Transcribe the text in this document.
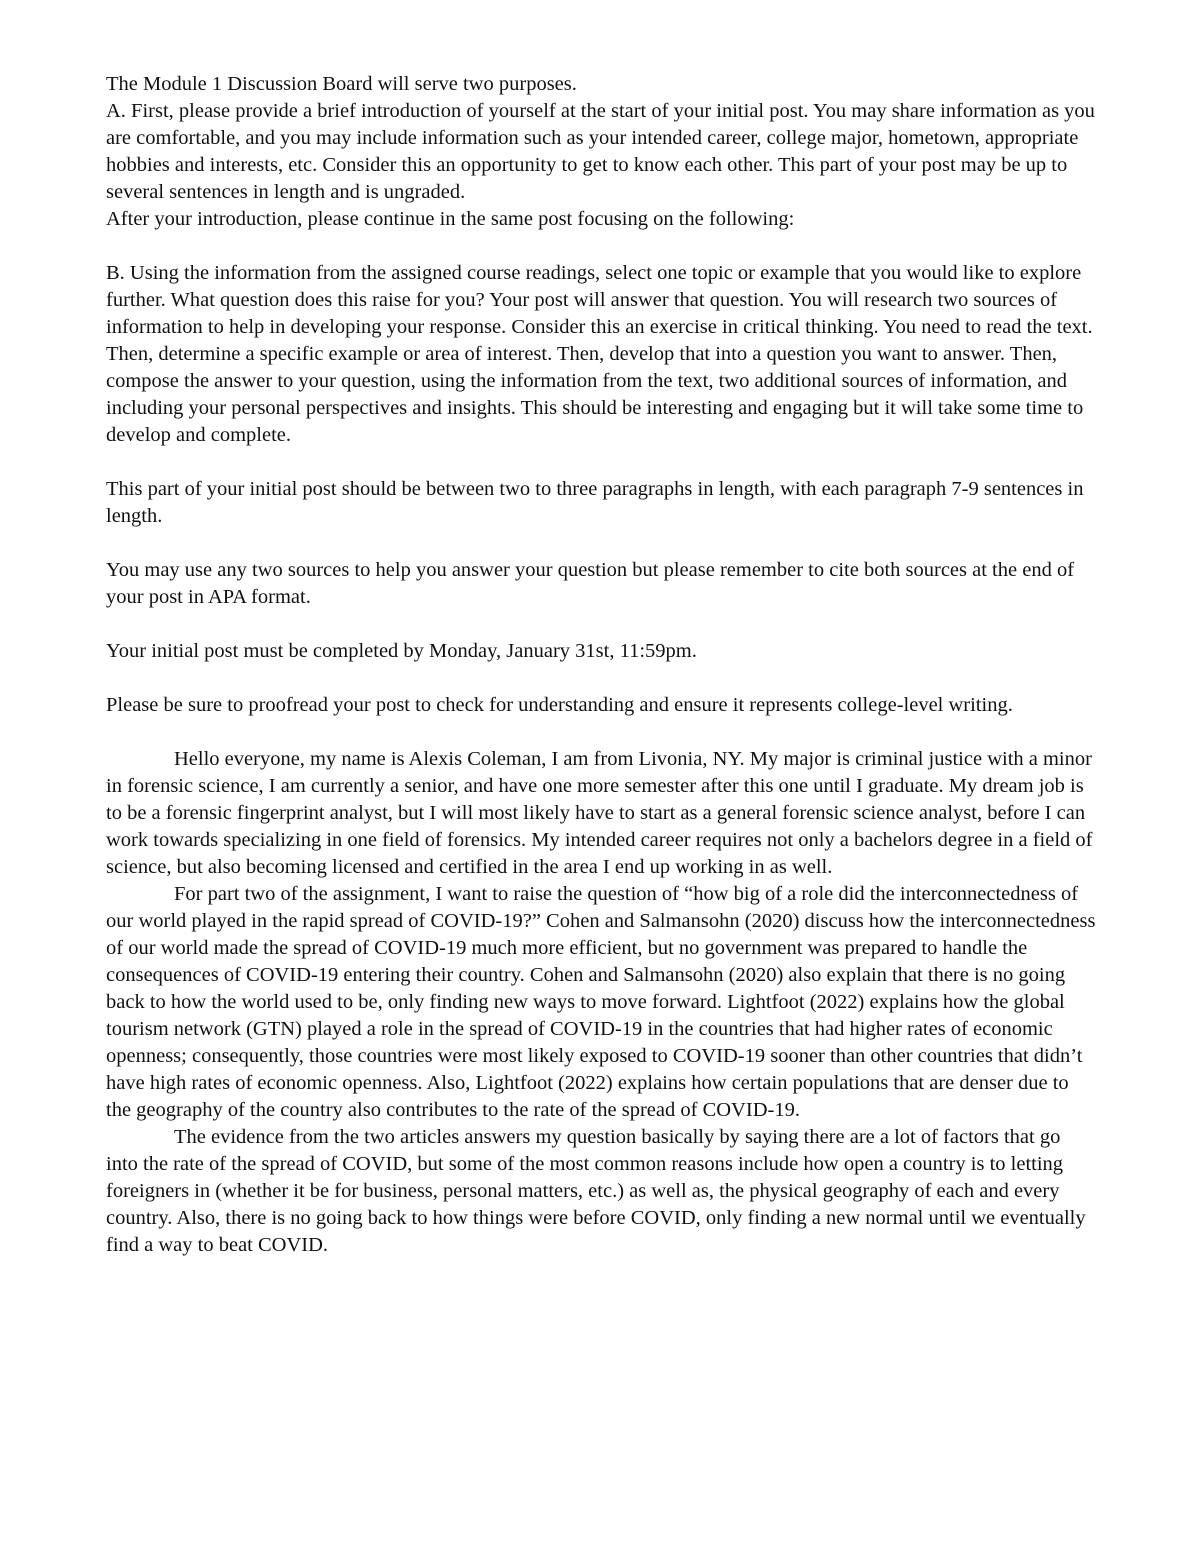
The Module 1 Discussion Board will serve two purposes.

A. First, please provide a brief introduction of yourself at the start of your initial post. You may share information as you are comfortable, and you may include information such as your intended career, college major, hometown, appropriate hobbies and interests, etc. Consider this an opportunity to get to know each other. This part of your post may be up to several sentences in length and is ungraded.

After your introduction, please continue in the same post focusing on the following:

B. Using the information from the assigned course readings, select one topic or example that you would like to explore further. What question does this raise for you? Your post will answer that question. You will research two sources of information to help in developing your response. Consider this an exercise in critical thinking. You need to read the text. Then, determine a specific example or area of interest. Then, develop that into a question you want to answer. Then, compose the answer to your question, using the information from the text, two additional sources of information, and including your personal perspectives and insights. This should be interesting and engaging but it will take some time to develop and complete.

This part of your initial post should be between two to three paragraphs in length, with each paragraph 7-9 sentences in length.

You may use any two sources to help you answer your question but please remember to cite both sources at the end of your post in APA format.

Your initial post must be completed by Monday, January 31st, 11:59pm.

Please be sure to proofread your post to check for understanding and ensure it represents college-level writing.

Hello everyone, my name is Alexis Coleman, I am from Livonia, NY. My major is criminal justice with a minor in forensic science, I am currently a senior, and have one more semester after this one until I graduate. My dream job is to be a forensic fingerprint analyst, but I will most likely have to start as a general forensic science analyst, before I can work towards specializing in one field of forensics. My intended career requires not only a bachelors degree in a field of science, but also becoming licensed and certified in the area I end up working in as well.

For part two of the assignment, I want to raise the question of “how big of a role did the interconnectedness of our world played in the rapid spread of COVID-19?” Cohen and Salmansohn (2020) discuss how the interconnectedness of our world made the spread of COVID-19 much more efficient, but no government was prepared to handle the consequences of COVID-19 entering their country. Cohen and Salmansohn (2020) also explain that there is no going back to how the world used to be, only finding new ways to move forward. Lightfoot (2022) explains how the global tourism network (GTN) played a role in the spread of COVID-19 in the countries that had higher rates of economic openness; consequently, those countries were most likely exposed to COVID-19 sooner than other countries that didn’t have high rates of economic openness. Also, Lightfoot (2022) explains how certain populations that are denser due to the geography of the country also contributes to the rate of the spread of COVID-19.

The evidence from the two articles answers my question basically by saying there are a lot of factors that go into the rate of the spread of COVID, but some of the most common reasons include how open a country is to letting foreigners in (whether it be for business, personal matters, etc.) as well as, the physical geography of each and every country. Also, there is no going back to how things were before COVID, only finding a new normal until we eventually find a way to beat COVID.
